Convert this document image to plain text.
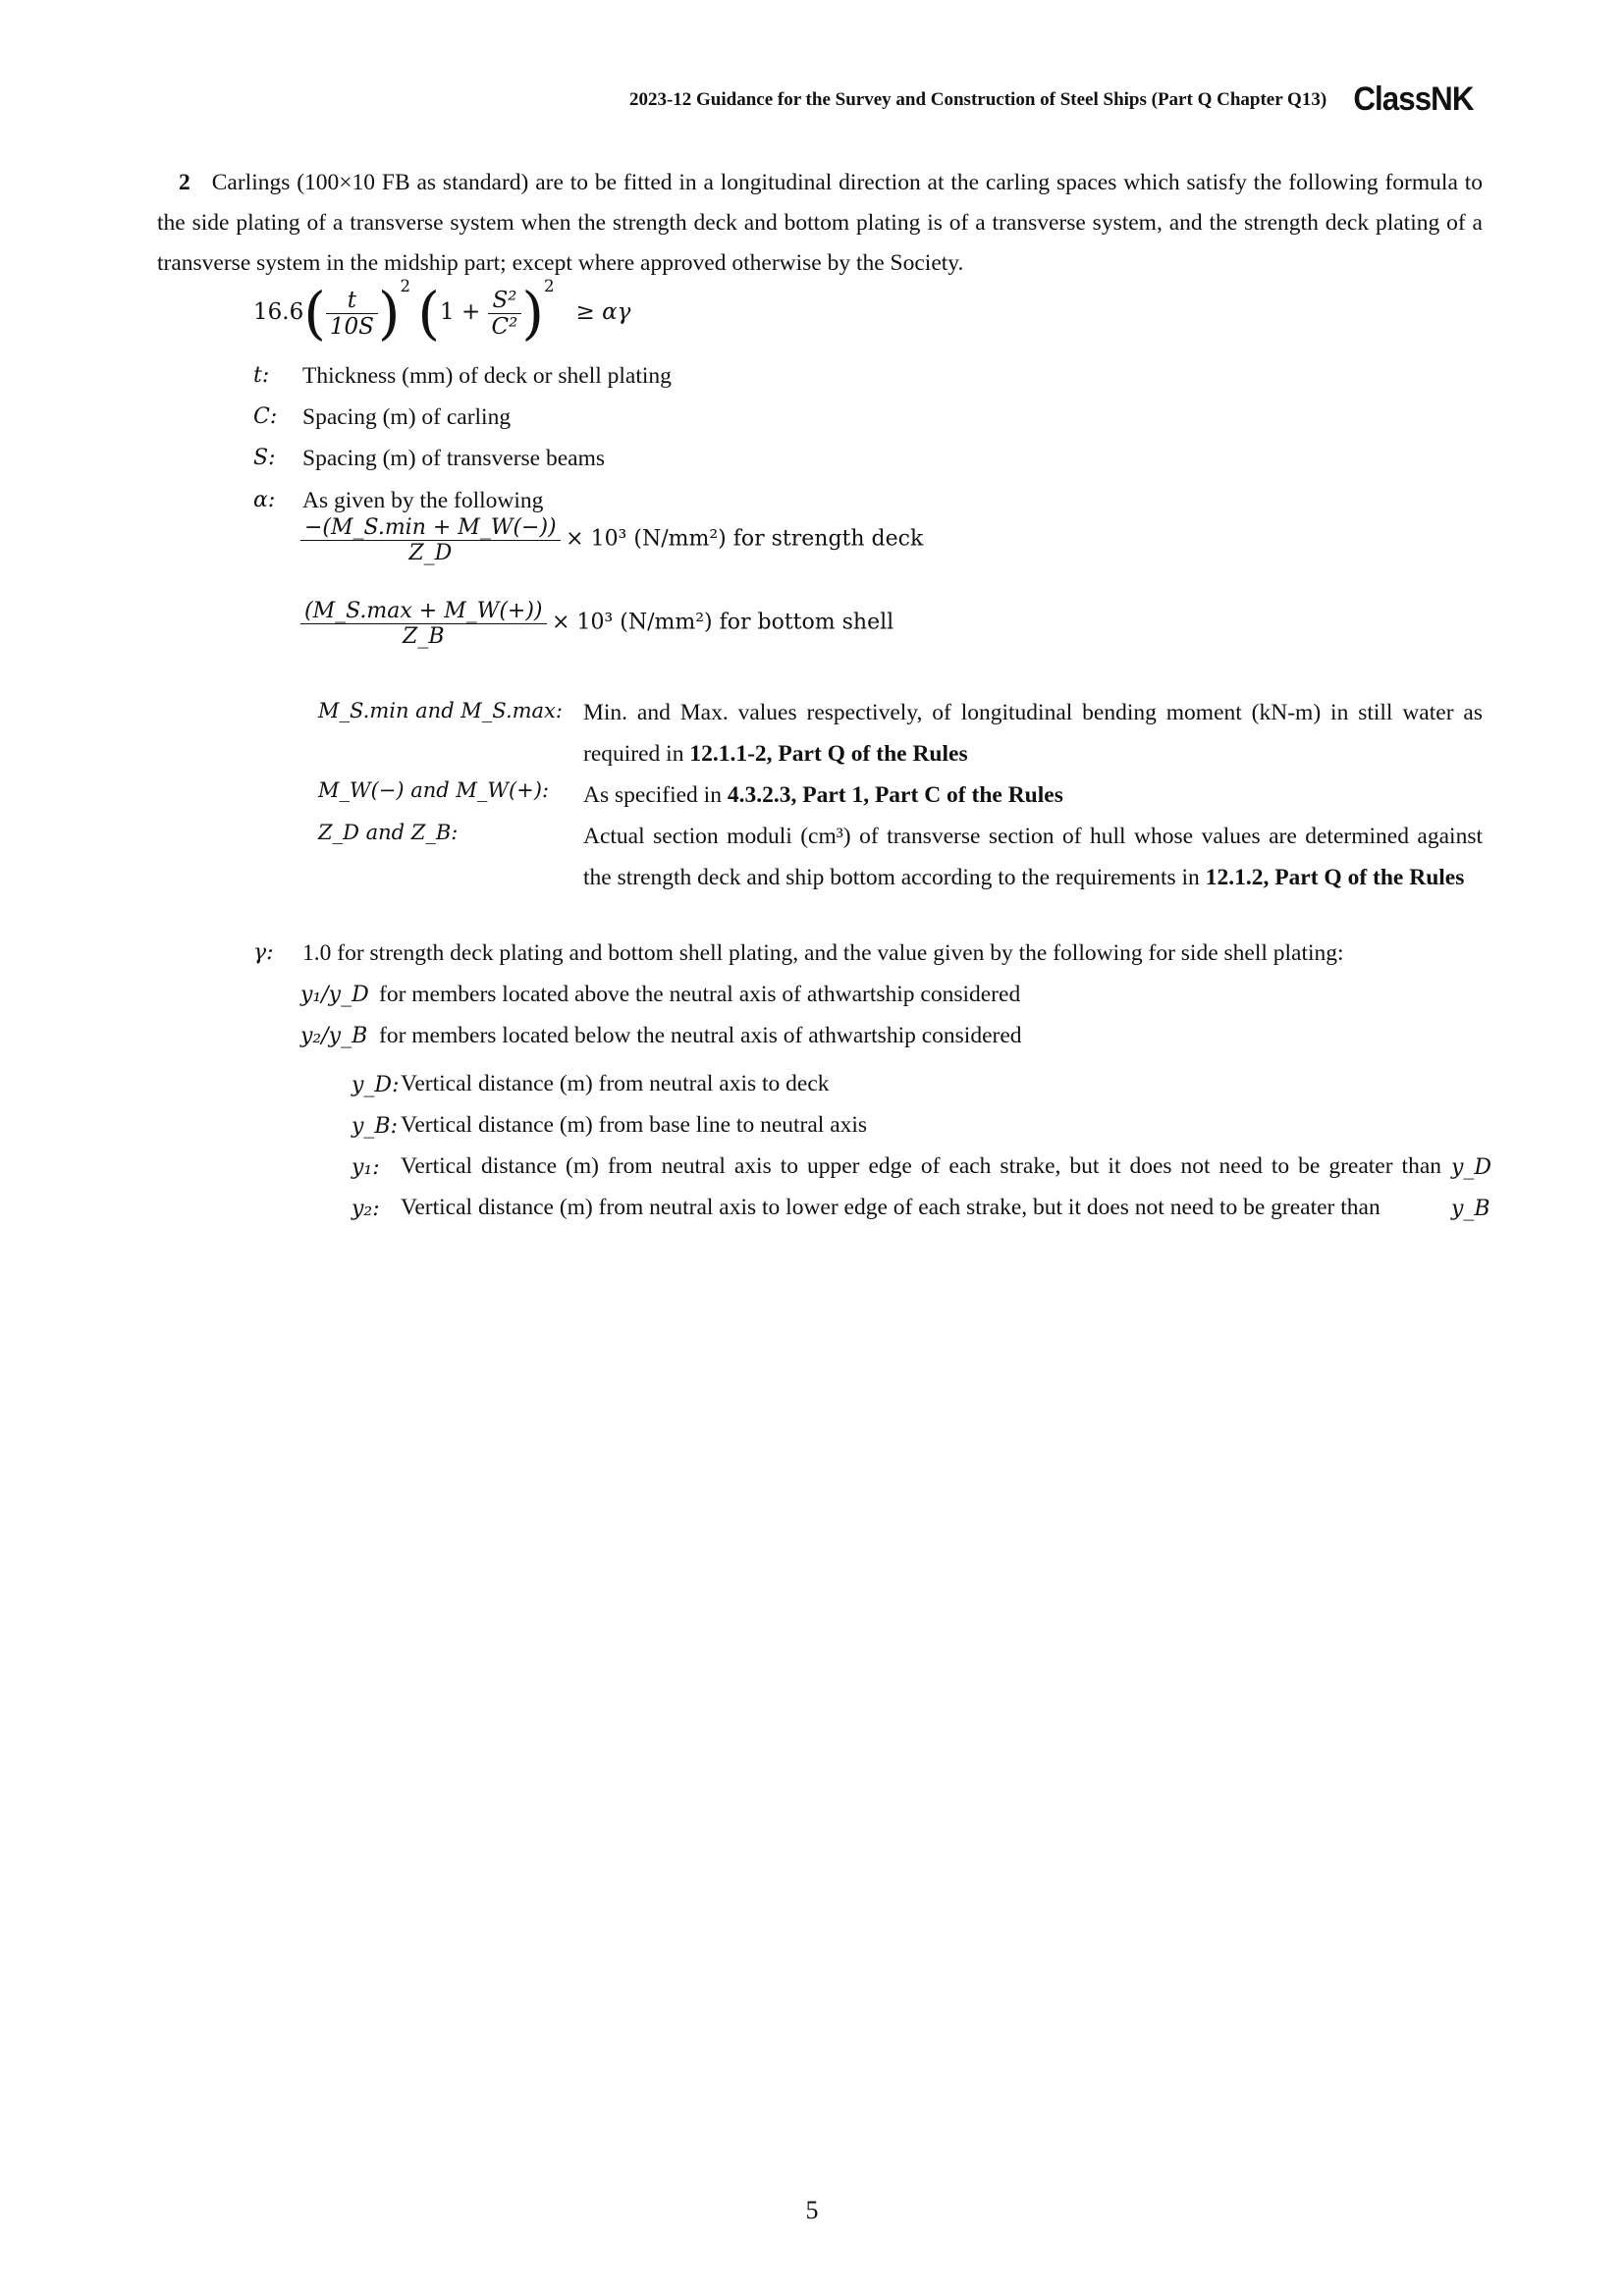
2023-12 Guidance for the Survey and Construction of Steel Ships (Part Q Chapter Q13) ClassNK
2 Carlings (100×10 FB as standard) are to be fitted in a longitudinal direction at the carling spaces which satisfy the following formula to the side plating of a transverse system when the strength deck and bottom plating is of a transverse system, and the strength deck plating of a transverse system in the midship part; except where approved otherwise by the Society.
$16.6( \frac{t}{10S} )^2$ $(1 + \frac{\text{S²}}{\text{C²}} )^2 \ge \alpha\gamma$
t:	Thickness (mm) of deck or shell plating
C:	Spacing (m) of carling
S:	Spacing (m) of transverse beams
α:	As given by the following
$\frac{-(M\_S.\min + M\_W(-))}{Z\_D} \times 10^3$ (N/mm²) for strength deck
$\frac{(M\_S.\max + M\_W(+))}{Z\_B} \times 10^3$ (N/mm²) for bottom shell
M_S.min and M_S.max: Min. and Max. values respectively, of longitudinal bending moment (kN-m) in still water as required in 12.1.1-2, Part Q of the Rules
M_W(−) and M_W(+): As specified in 4.3.2.3, Part 1, Part C of the Rules
Z_D and Z_B:	Actual section moduli (cm³) of transverse section of hull whose values are determined against the strength deck and ship bottom according to the requirements in 12.1.2, Part Q of the Rules
γ:	1.0 for strength deck plating and bottom shell plating, and the value given by the following for side shell plating:
y₁/y_D for members located above the neutral axis of athwartship considered
y₂/y_B for members located below the neutral axis of athwartship considered
y_D: Vertical distance (m) from neutral axis to deck
y_B: Vertical distance (m) from base line to neutral axis
y₁: Vertical distance (m) from neutral axis to upper edge of each strake, but it does not need to be greater than y_D
y₂: Vertical distance (m) from neutral axis to lower edge of each strake, but it does not need to be greater than	y_B
5
